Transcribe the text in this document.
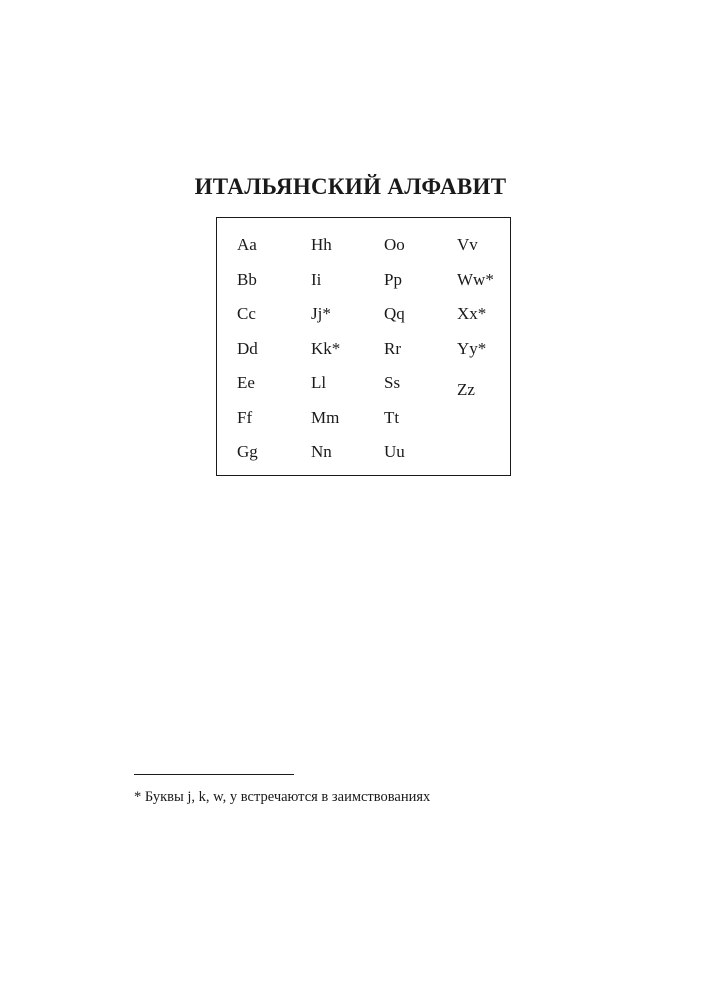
ИТАЛЬЯНСКИЙ АЛФАВИТ
Aa
Bb
Cc
Dd
Ee
Ff
Gg
Hh
Ii
Jj*
Kk*
Ll
Mm
Nn
Oo
Pp
Qq
Rr
Ss
Tt
Uu
Vv
Ww*
Xx*
Yy*
Zz
* Буквы j, k, w, y встречаются в заимствованиях
